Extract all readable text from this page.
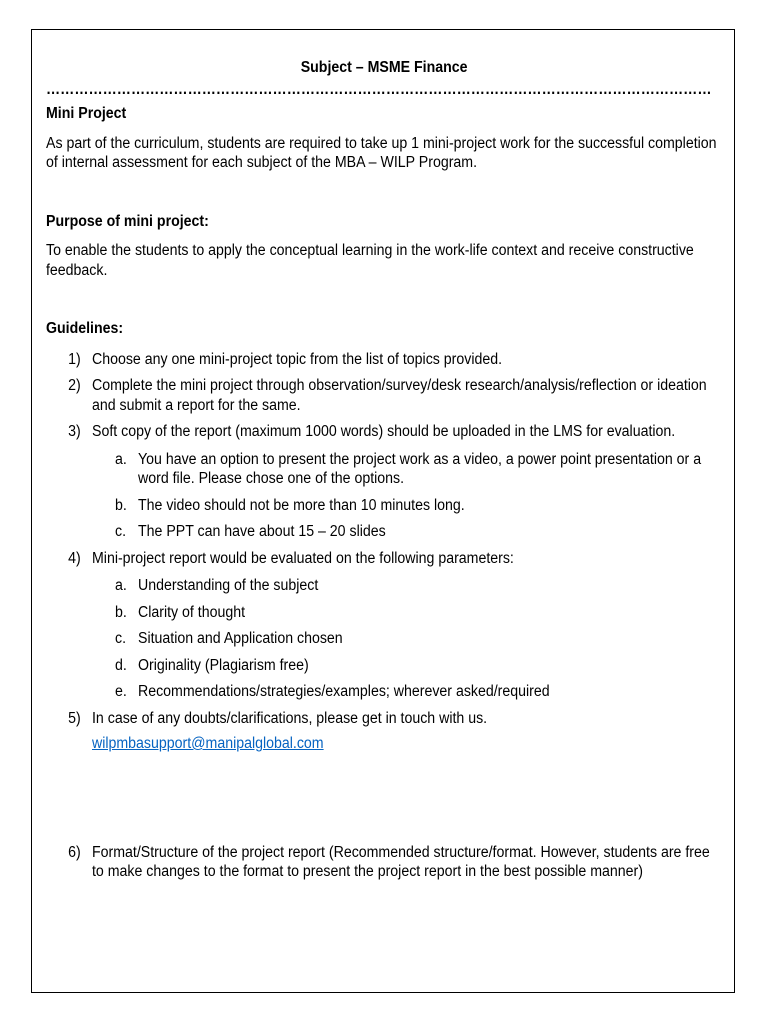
Subject – MSME Finance

……………………………………………………………………………………………………………………………

Mini Project

As part of the curriculum, students are required to take up 1 mini-project work for the successful completion of internal assessment for each subject of the MBA – WILP Program.

Purpose of mini project:

To enable the students to apply the conceptual learning in the work-life context and receive constructive feedback.

Guidelines:

1) Choose any one mini-project topic from the list of topics provided.
2) Complete the mini project through observation/survey/desk research/analysis/reflection or ideation and submit a report for the same.
3) Soft copy of the report (maximum 1000 words) should be uploaded in the LMS for evaluation.
a. You have an option to present the project work as a video, a power point presentation or a word file. Please chose one of the options.
b. The video should not be more than 10 minutes long.
c. The PPT can have about 15 – 20 slides
4) Mini-project report would be evaluated on the following parameters:
a. Understanding of the subject
b. Clarity of thought
c. Situation and Application chosen
d. Originality (Plagiarism free)
e. Recommendations/strategies/examples; wherever asked/required
5) In case of any doubts/clarifications, please get in touch with us.
wilpmbasupport@manipalglobal.com
6) Format/Structure of the project report (Recommended structure/format. However, students are free to make changes to the format to present the project report in the best possible manner)
